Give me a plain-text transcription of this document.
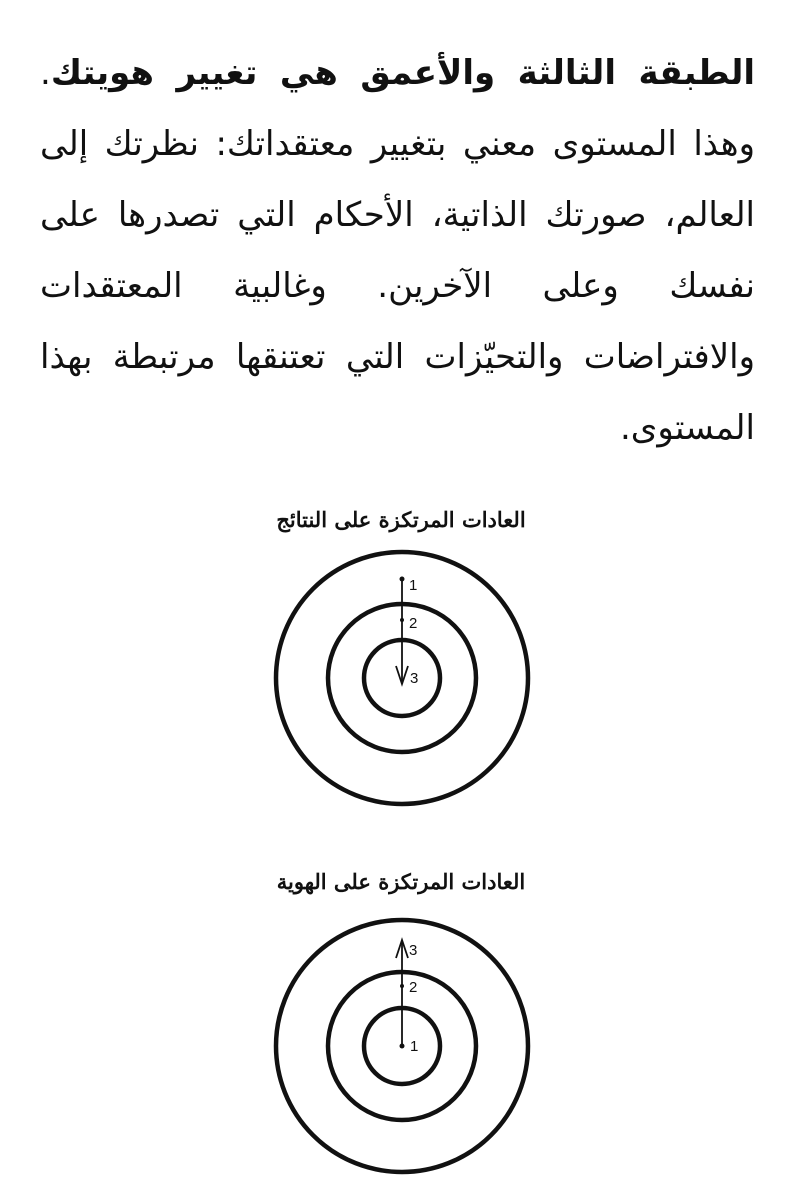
الطبقة الثالثة والأعمق هي تغيير هويتك. وهذا المستوى معني بتغيير معتقداتك: نظرتك إلى العالم، صورتك الذاتية، الأحكام التي تصدرها على نفسك وعلى الآخرين. وغالبية المعتقدات والافتراضات والتحيّزات التي تعتنقها مرتبطة بهذا المستوى.

العادات المرتكزة على النتائج
1
2
3
العادات المرتكزة على الهوية
3
2
1
